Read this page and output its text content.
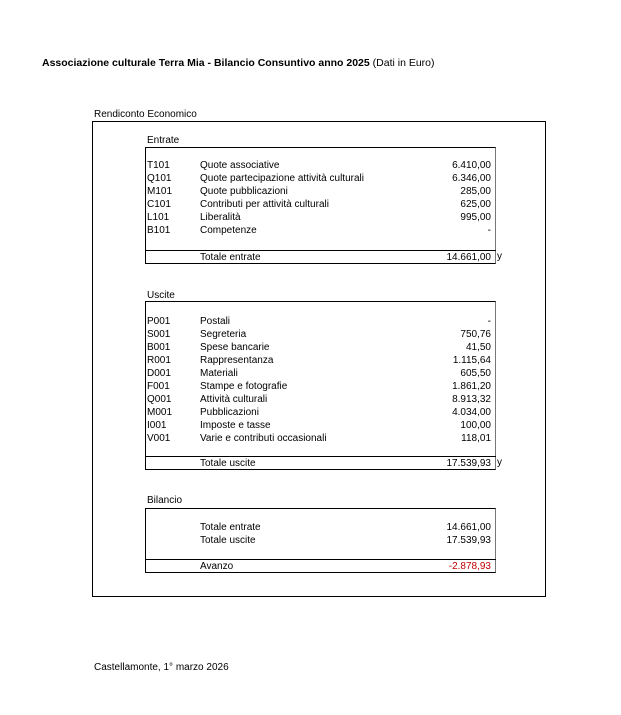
Associazione culturale Terra Mia - Bilancio Consuntivo anno 2025 (Dati in Euro)
Rendiconto Economico
Entrate
T101	Quote associative	6.410,00
Q101	Quote partecipazione attività culturali	6.346,00
M101	Quote pubblicazioni	285,00
C101	Contributi per attività culturali	625,00
L101	Liberalità	995,00
B101	Competenze	-
Totale entrate	14.661,00 y
Uscite
P001	Postali	-
S001	Segreteria	750,76
B001	Spese bancarie	41,50
R001	Rappresentanza	1.115,64
D001	Materiali	605,50
F001	Stampe e fotografie	1.861,20
Q001	Attività culturali	8.913,32
M001	Pubblicazioni	4.034,00
I001	Imposte e tasse	100,00
V001	Varie e contributi occasionali	118,01
Totale uscite	17.539,93 y
Bilancio
Totale entrate	14.661,00
Totale uscite	17.539,93
Avanzo	-2.878,93
Castellamonte, 1° marzo 2026
